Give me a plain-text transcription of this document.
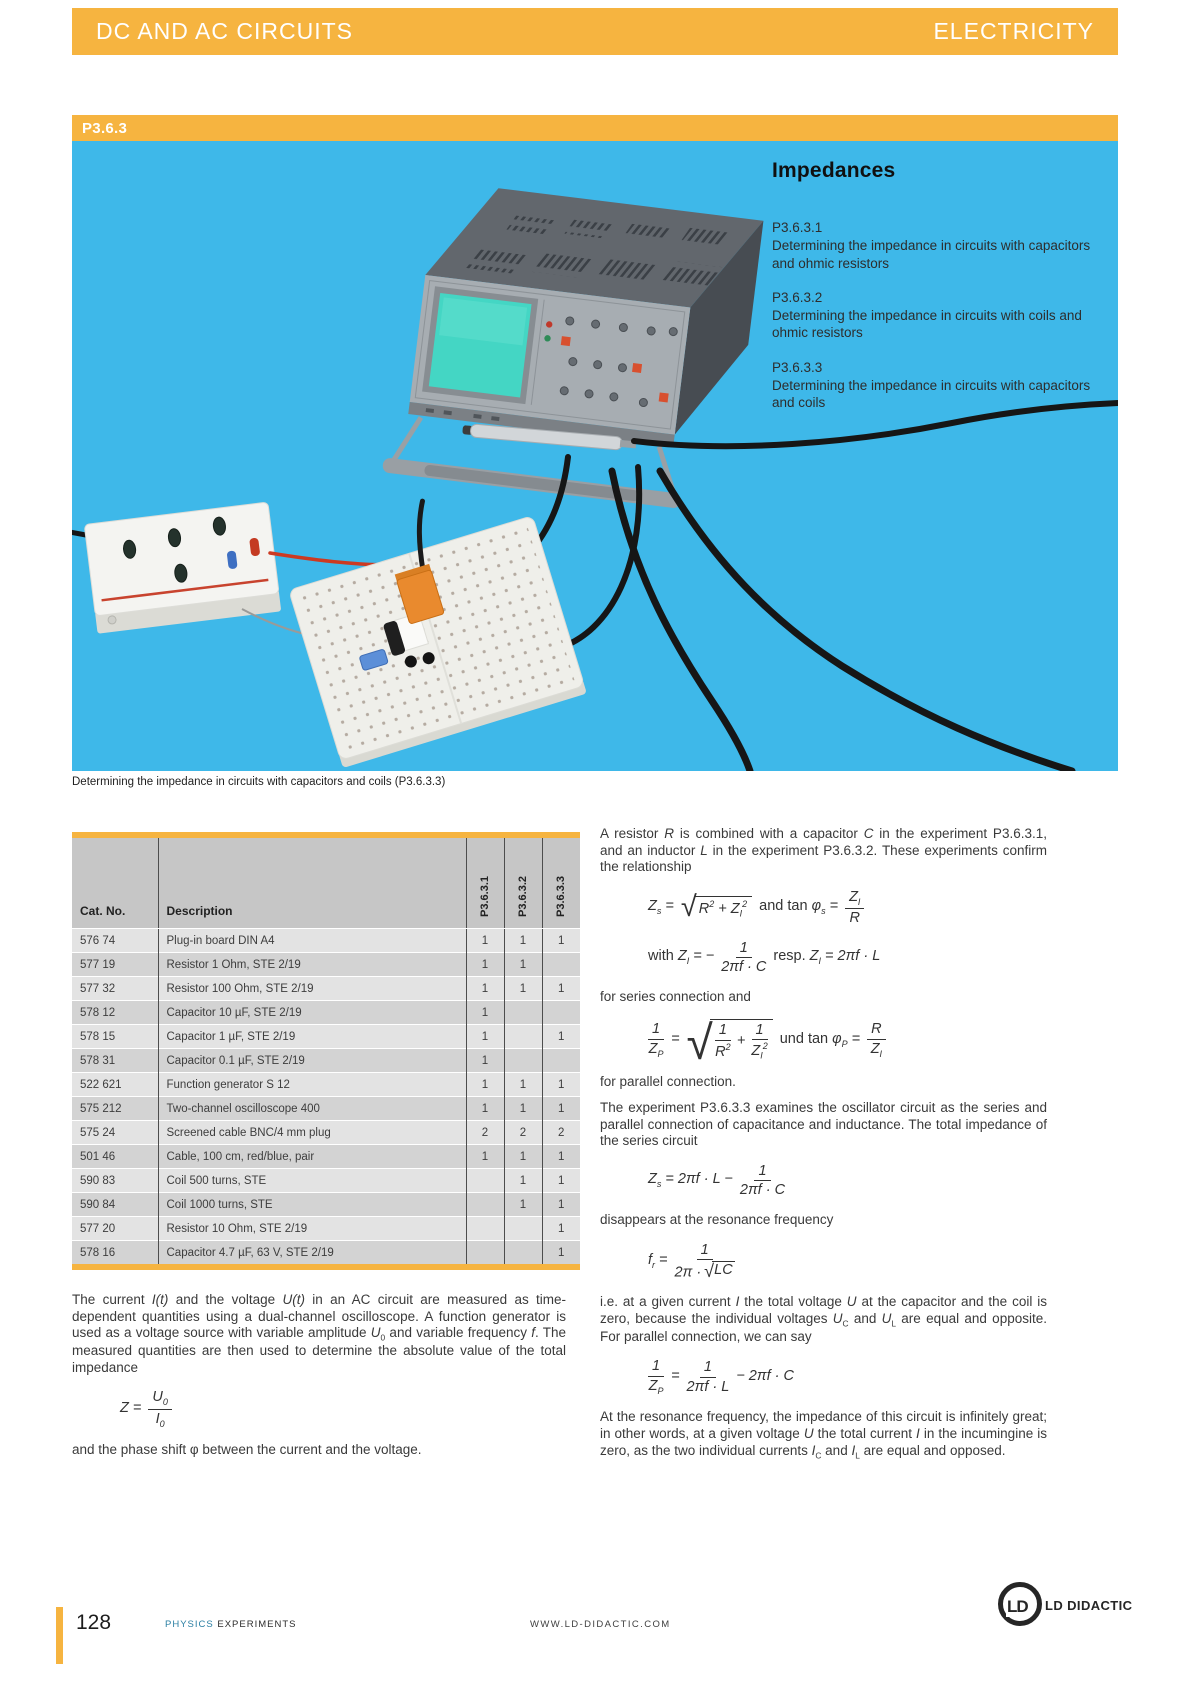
DC AND AC CIRCUITS	ELECTRICITY
P3.6.3
Impedances
P3.6.3.1
Determining the impedance in circuits with capacitors and ohmic resistors
P3.6.3.2
Determining the impedance in circuits with coils and ohmic resistors
P3.6.3.3
Determining the impedance in circuits with capacitors and coils
Determining the impedance in circuits with capacitors and coils (P3.6.3.3)
Cat. No.	Description	P3.6.3.1	P3.6.3.2	P3.6.3.3
576 74	Plug-in board DIN A4	1	1	1
577 19	Resistor 1 Ohm, STE 2/19	1	1	
577 32	Resistor 100 Ohm, STE 2/19	1	1	1
578 12	Capacitor 10 µF, STE 2/19	1		
578 15	Capacitor 1 µF, STE 2/19	1		1
578 31	Capacitor 0.1 µF, STE 2/19	1		
522 621	Function generator S 12	1	1	1
575 212	Two-channel oscilloscope 400	1	1	1
575 24	Screened cable BNC/4 mm plug	2	2	2
501 46	Cable, 100 cm, red/blue, pair	1	1	1
590 83	Coil 500 turns, STE		1	1
590 84	Coil 1000 turns, STE		1	1
577 20	Resistor 10 Ohm, STE 2/19			1
578 16	Capacitor 4.7 µF, 63 V, STE 2/19			1

The current I(t) and the voltage U(t) in an AC circuit are measured as time-dependent quantities using a dual-channel oscilloscope. A function generator is used as a voltage source with variable amplitude $U_0$ and variable frequency f. The measured quantities are then used to determine the absolute value of the total impedance

$Z = \frac{U_0}{I_0}$

and the phase shift φ between the current and the voltage.

A resistor R is combined with a capacitor C in the experiment P3.6.3.1, and an inductor L in the experiment P3.6.3.2. These experiments confirm the relationship

$Z_s$ = √ $R^2 + Z_I^2$ and $\tan \varphi_s = \frac{Z_I}{R}$
with $Z_I$ = − $\frac{1}{2\pi f \cdot C}$ resp. $Z_I = 2\pi f \cdot L$

for series connection and

$\frac{1}{Z_P}$ = √ $\frac{1}{R^2} + \frac{1}{Z_I^2}$ und $\tan \varphi_P = \frac{R}{Z_I}$

for parallel connection.

The experiment P3.6.3.3 examines the oscillator circuit as the series and parallel connection of capacitance and inductance. The total impedance of the series circuit

$Z_s = 2\pi f \cdot L - \frac{1}{2\pi f \cdot C}$

disappears at the resonance frequency

$f_r = \frac{1}{2\pi \cdot √ LC}$

i.e. at a given current I the total voltage U at the capacitor and the coil is zero, because the individual voltages $U_C$ and $U_L$ are equal and opposite. For parallel connection, we can say

$\frac{1}{Z_P} = \frac{1}{2\pi f \cdot L} - 2\pi f \cdot C$

At the resonance frequency, the impedance of this circuit is infinitely great; in other words, at a given voltage U the total current I in the incumingine is zero, as the two individual currents $I_C$ and $I_L$ are equal and opposed.

128	PHYSICS EXPERIMENTS	WWW.LD-DIDACTIC.COM
LD LD DIDACTIC
